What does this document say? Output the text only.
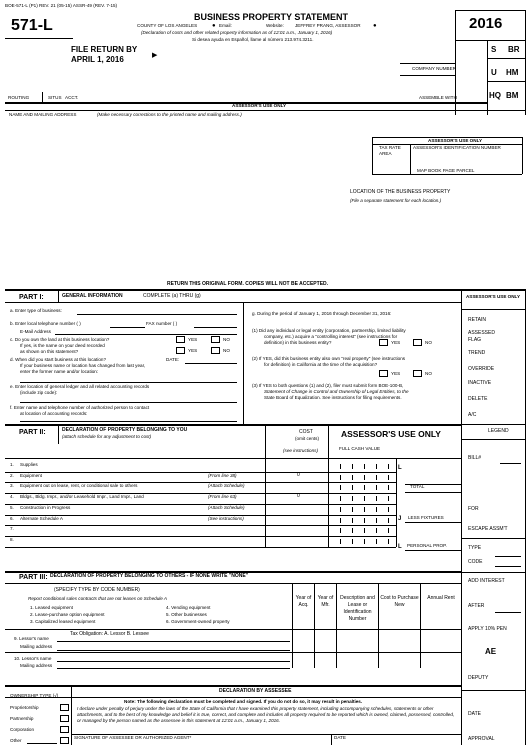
BOE-571-L (P1) REV. 21 (05-15) ASSR-49 (REV. 7-15)
571-L	BUSINESS PROPERTY STATEMENT
COUNTY OF LOS ANGELES ● Email:	Website: JEFFREY PRANG, ASSESSOR ●
(Declaration of costs and other related property information as of 12:01 a.m., January 1, 2016)
Si desea ayuda en Español, llame al número 213.974.3211.
2016
FILE RETURN BY
APRIL 1, 2016	▶
COMPANY NUMBER
S BR
U HM
HQ BM
ROUTING	SITUS ACCT.	ASSEMBLE WITH
ASSESSOR'S USE ONLY
NAME AND MAILING ADDRESS	(Make necessary corrections to the printed name and mailing address.)
ASSESSOR'S USE ONLY
TAX RATE AREA
ASSESSOR'S IDENTIFICATION NUMBER
MAP BOOK PAGE PARCEL
LOCATION OF THE BUSINESS PROPERTY
(File a separate statement for each location.)
RETURN THIS ORIGINAL FORM. COPIES WILL NOT BE ACCEPTED.
ASSESSOR'S USE ONLY
RETAIN
ASSESSED FLAG
TREND
OVERRIDE
INACTIVE
DELETE
A/C
LEGEND
BILL#
FOR
ESCAPE ASSM'T
TYPE
CODE
ADD INTEREST
AFTER
APPLY 10% PEN
AE
DEPUTY
DATE
APPROVAL
PART I:	GENERAL INFORMATION	COMPLETE (a) THRU (g)
a. Enter type of business:
b. Enter local telephone number ( )	FAX number ( )
E-Mail Address
c. Do you own the land at this business location?
If yes, is the name on your deed recorded
as shown on this statement?
YES	NO
YES	NO
d. When did you start business at this location?	DATE:
If your business name or location has changed from last year,
enter the former name and/or location:
e. Enter location of general ledger and all related accounting records
(include zip code):
f. Enter name and telephone number of authorized person to contact
at location of accounting records:
g. During the period of January 1, 2016 through December 31, 2016:
(1) Did any individual or legal entity (corporation, partnership, limited liability
company, etc.) acquire a "controlling interest" (see instructions for
definition) in this business entity?	YES	NO
(2) If YES, did this business entity also own "real property" (see instructions
for definition) in California at the time of the acquisition?
YES	NO
(3) If YES to both questions (1) and (2), filer must submit form BOE-100-B,
Statement of Change in Control and Ownership of Legal Entities, to the
State Board of Equalization. See instructions for filing requirements.
PART II:	DECLARATION OF PROPERTY BELONGING TO YOU
(attach schedule for any adjustment to cost)
COST
(omit cents)
(see instructions)
ASSESSOR'S USE ONLY
FULL CASH VALUE
1. Supplies
2. Equipment	(From line 38)	0
3. Equipment out on lease, rent, or conditional sale to others	(Attach Schedule)
4. Bldgs., Bldg. Impr., and/or Leasehold Impr., Land Impr., Land	(From line 63)	0
5. Construction in Progress	(Attach Schedule)
6. Alternate Schedule A	(See instructions)
7.
8.
L
TOTAL
J LESS FIXTURES
L PERSONAL PROP.
PART III: DECLARATION OF PROPERTY BELONGING TO OTHERS - IF NONE WRITE "NONE"
(SPECIFY TYPE BY CODE NUMBER)
Report conditional sales contracts that are not leases on Schedule A
1. Leased equipment
2. Lease-purchase option equipment
3. Capitalized leased equipment
4. Vending equipment
5. Other businesses
6. Government-owned property
Year of Acq.
Year of Mfr.
Description and Lease or Identification Number
Cost to Purchase New
Annual Rent
9. Lessor's name
Tax Obligation: A. Lessor B. Lessee
Mailing address
10. Lessor's name
Mailing address
DECLARATION BY ASSESSEE
Note: The following declaration must be completed and signed. If you do not do so, it may result in penalties.
I declare under penalty of perjury under the laws of the State of California that I have examined this property statement, including accompanying schedules, statements or other attachments, and to the best of my knowledge and belief it is true, correct, and complete and includes all property required to be reported which is owned, claimed, possessed, controlled, or managed by the person named as the assessee in this statement at 12:01 a.m., January 1, 2016.
SIGNATURE OF ASSESSEE OR AUTHORIZED AGENT*	DATE
OWNERSHIP TYPE (√)
Proprietorship
Partnership
Corporation
Other
